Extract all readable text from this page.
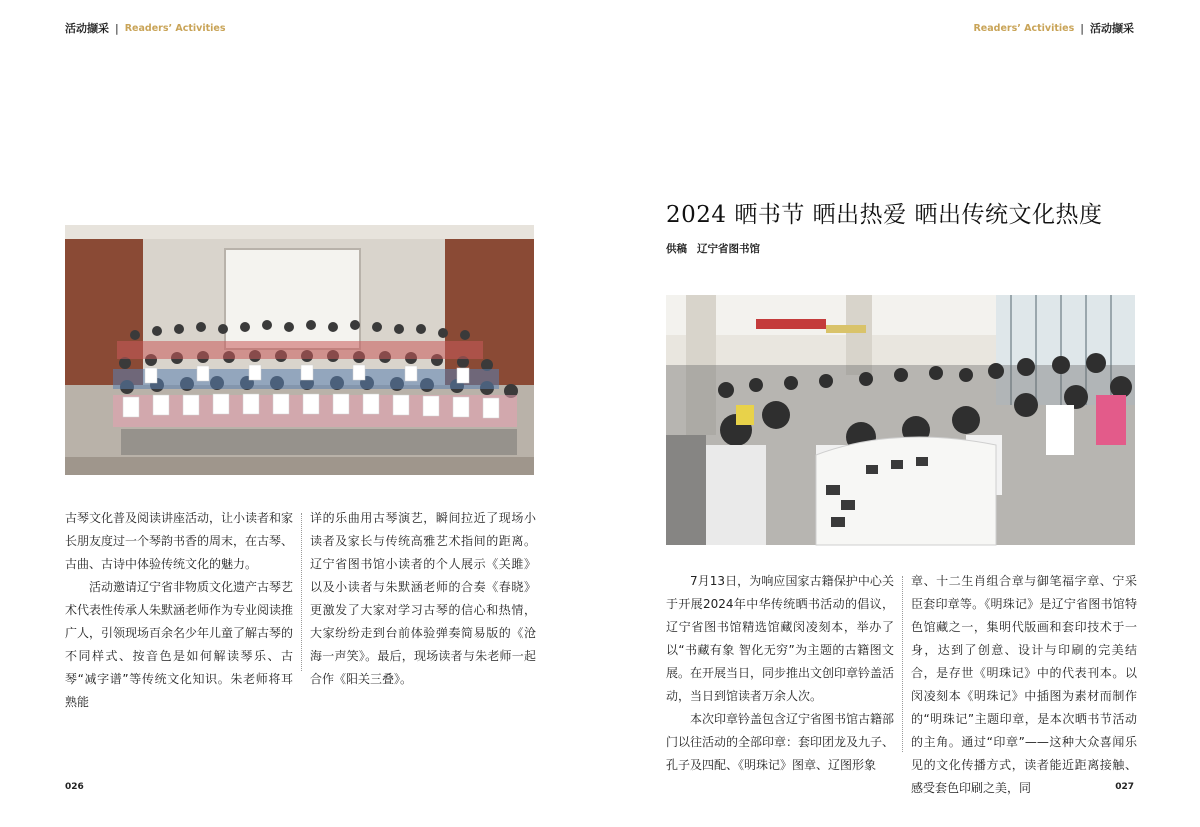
活动撷采 | Readers’ Activities

古琴文化普及阅读讲座活动，让小读者和家长朋友度过一个琴韵书香的周末，在古琴、古曲、古诗中体验传统文化的魅力。

活动邀请辽宁省非物质文化遗产古琴艺术代表性传承人朱默涵老师作为专业阅读推广人，引领现场百余名少年儿童了解古琴的不同样式、按音色是如何解读琴乐、古琴“减字谱”等传统文化知识。朱老师将耳熟能

详的乐曲用古琴演艺，瞬间拉近了现场小读者及家长与传统高雅艺术指间的距离。辽宁省图书馆小读者的个人展示《关雎》以及小读者与朱默涵老师的合奏《春晓》更激发了大家对学习古琴的信心和热情，大家纷纷走到台前体验弹奏简易版的《沧海一声笑》。最后，现场读者与朱老师一起合作《阳关三叠》。

026
Readers’ Activities | 活动撷采
2024 晒书节 晒出热爱 晒出传统文化热度
供稿 辽宁省图书馆

7月13日，为响应国家古籍保护中心关于开展2024年中华传统晒书活动的倡议，辽宁省图书馆精选馆藏闵凌刻本，举办了以“书藏有象 智化无穷”为主题的古籍图文展。在开展当日，同步推出文创印章钤盖活动，当日到馆读者万余人次。

本次印章钤盖包含辽宁省图书馆古籍部门以往活动的全部印章：套印团龙及九子、孔子及四配、《明珠记》图章、辽图形象

章、十二生肖组合章与御笔福字章、宁采臣套印章等。《明珠记》是辽宁省图书馆特色馆藏之一，集明代版画和套印技术于一身，达到了创意、设计与印刷的完美结合，是存世《明珠记》中的代表刊本。以闵凌刻本《明珠记》中插图为素材而制作的“明珠记”主题印章，是本次晒书节活动的主角。通过“印章”——这种大众喜闻乐见的文化传播方式，读者能近距离接触、感受套色印刷之美，同	027
